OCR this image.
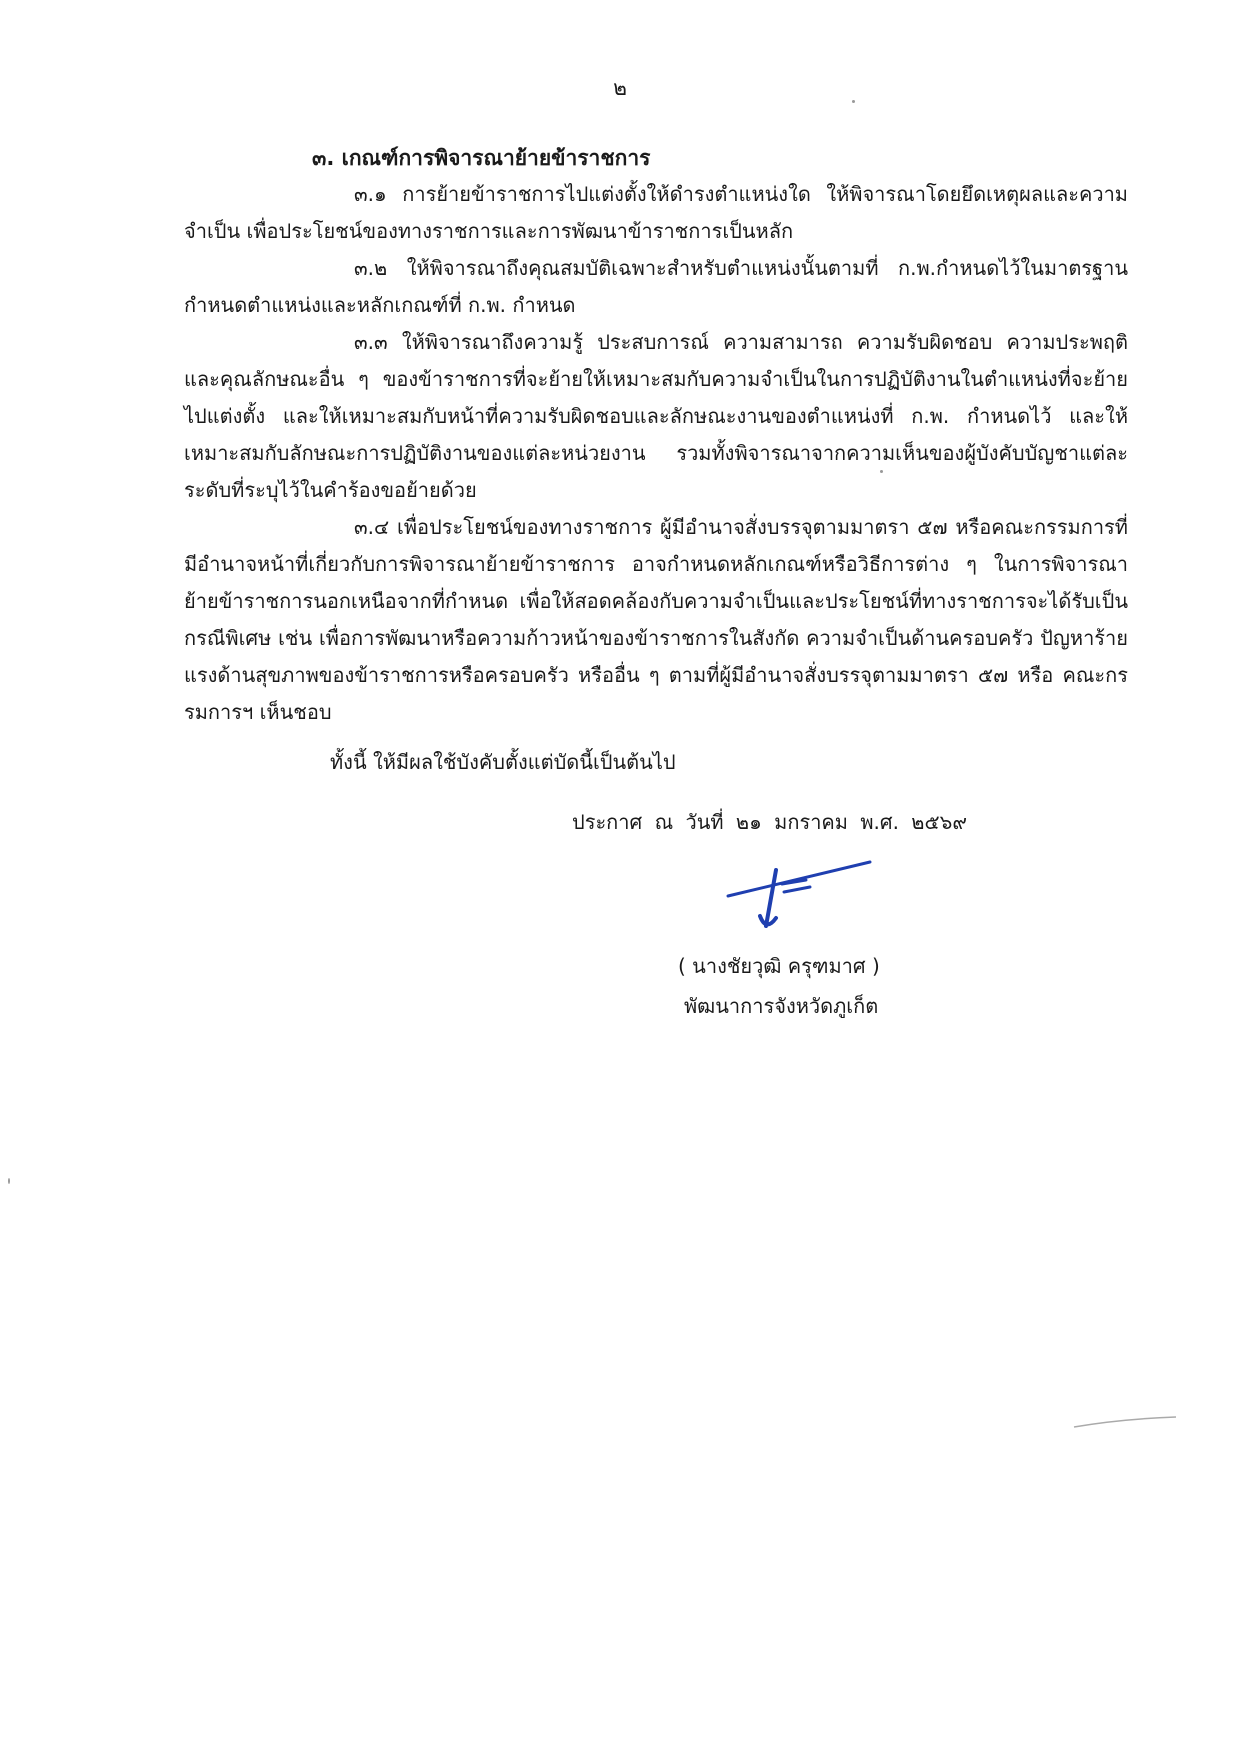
๒
๓. เกณฑ์การพิจารณาย้ายข้าราชการ

๓.๑ การย้ายข้าราชการไปแต่งตั้งให้ดำรงตำแหน่งใด ให้พิจารณาโดยยึดเหตุผลและความจำเป็น เพื่อประโยชน์ของทางราชการและการพัฒนาข้าราชการเป็นหลัก

๓.๒ ให้พิจารณาถึงคุณสมบัติเฉพาะสำหรับตำแหน่งนั้นตามที่ ก.พ.กำหนดไว้ในมาตรฐานกำหนดตำแหน่งและหลักเกณฑ์ที่ ก.พ. กำหนด

๓.๓ ให้พิจารณาถึงความรู้ ประสบการณ์ ความสามารถ ความรับผิดชอบ ความประพฤติ และคุณลักษณะอื่น ๆ ของข้าราชการที่จะย้ายให้เหมาะสมกับความจำเป็นในการปฏิบัติงานในตำแหน่งที่จะย้ายไปแต่งตั้ง และให้เหมาะสมกับหน้าที่ความรับผิดชอบและลักษณะงานของตำแหน่งที่ ก.พ. กำหนดไว้ และให้เหมาะสมกับลักษณะการปฏิบัติงานของแต่ละหน่วยงาน รวมทั้งพิจารณาจากความเห็นของผู้บังคับบัญชาแต่ละระดับที่ระบุไว้ในคำร้องขอย้ายด้วย

๓.๔ เพื่อประโยชน์ของทางราชการ ผู้มีอำนาจสั่งบรรจุตามมาตรา ๕๗ หรือคณะกรรมการที่มีอำนาจหน้าที่เกี่ยวกับการพิจารณาย้ายข้าราชการ อาจกำหนดหลักเกณฑ์หรือวิธีการต่าง ๆ ในการพิจารณาย้ายข้าราชการนอกเหนือจากที่กำหนด เพื่อให้สอดคล้องกับความจำเป็นและประโยชน์ที่ทางราชการจะได้รับเป็นกรณีพิเศษ เช่น เพื่อการพัฒนาหรือความก้าวหน้าของข้าราชการในสังกัด ความจำเป็นด้านครอบครัว ปัญหาร้ายแรงด้านสุขภาพของข้าราชการหรือครอบครัว หรืออื่น ๆ ตามที่ผู้มีอำนาจสั่งบรรจุตามมาตรา ๕๗ หรือ คณะกรรมการฯ เห็นชอบ

ทั้งนี้ ให้มีผลใช้บังคับตั้งแต่บัดนี้เป็นต้นไป
ประกาศ ณ วันที่ ๒๑ มกราคม พ.ศ. ๒๕๖๙
( นางชัยวุฒิ ครุฑมาศ )
พัฒนาการจังหวัดภูเก็ต
